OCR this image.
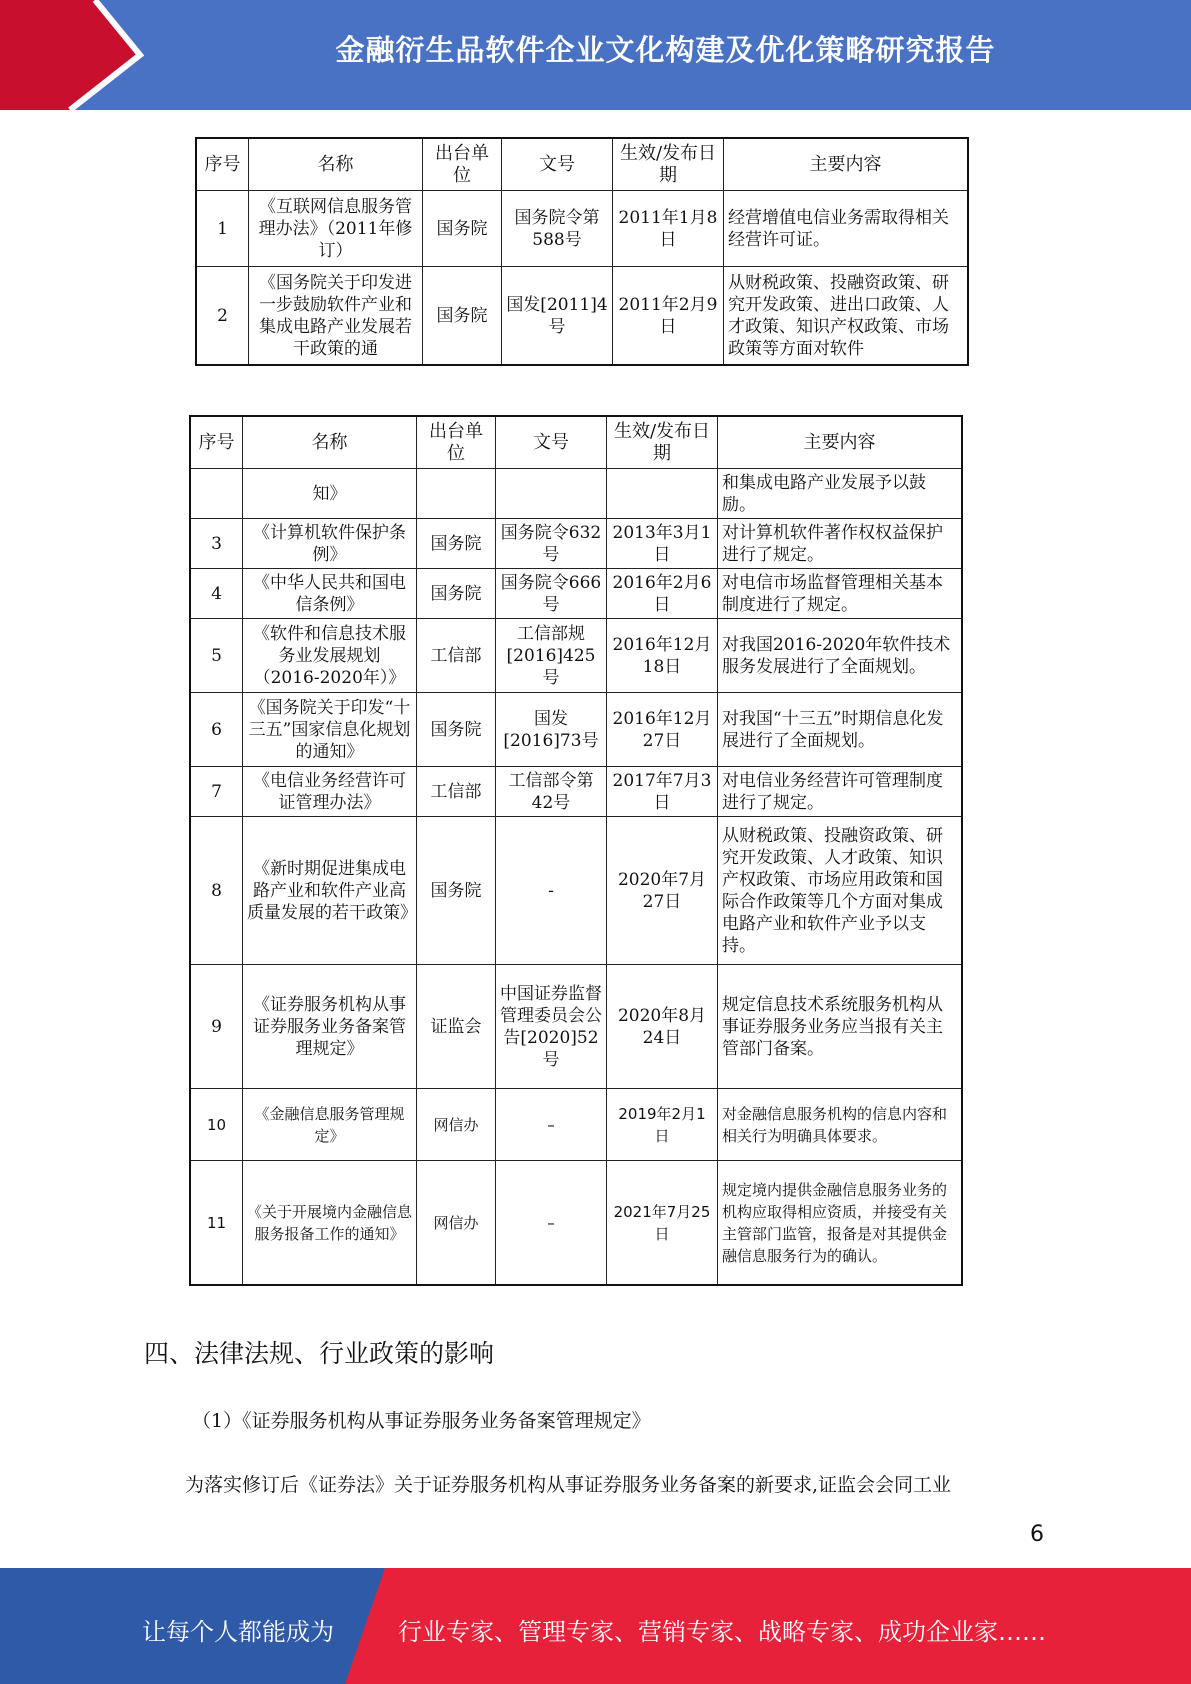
金融衍生品软件企业文化构建及优化策略研究报告
序号	名称	出台单位	文号	生效/发布日期	主要内容
1	《互联网信息服务管理办法》（2011年修订）	国务院	国务院令第588号	2011年1月8日	经营增值电信业务需取得相关经营许可证。
2	《国务院关于印发进一步鼓励软件产业和集成电路产业发展若干政策的通	国务院	国发[2011]4号	2011年2月9日	从财税政策、投融资政策、研究开发政策、进出口政策、人才政策、知识产权政策、市场政策等方面对软件
序号	名称	出台单位	文号	生效/发布日期	主要内容
	知》				和集成电路产业发展予以鼓励。
3	《计算机软件保护条例》	国务院	国务院令632号	2013年3月1日	对计算机软件著作权权益保护进行了规定。
4	《中华人民共和国电信条例》	国务院	国务院令666号	2016年2月6日	对电信市场监督管理相关基本制度进行了规定。
5	《软件和信息技术服务业发展规划（2016-2020年）》	工信部	工信部规[2016]425号	2016年12月18日	对我国2016-2020年软件技术服务发展进行了全面规划。
6	《国务院关于印发“十三五”国家信息化规划的通知》	国务院	国发[2016]73号	2016年12月27日	对我国“十三五”时期信息化发展进行了全面规划。
7	《电信业务经营许可证管理办法》	工信部	工信部令第42号	2017年7月3日	对电信业务经营许可管理制度进行了规定。
8	《新时期促进集成电路产业和软件产业高质量发展的若干政策》	国务院	-	2020年7月27日	从财税政策、投融资政策、研究开发政策、人才政策、知识产权政策、市场应用政策和国际合作政策等几个方面对集成电路产业和软件产业予以支持。
9	《证券服务机构从事证券服务业务备案管理规定》	证监会	中国证券监督管理委员会公告[2020]52号	2020年8月24日	规定信息技术系统服务机构从事证券服务业务应当报有关主管部门备案。
10	《金融信息服务管理规定》	网信办	–	2019年2月1日	对金融信息服务机构的信息内容和相关行为明确具体要求。
11	《关于开展境内金融信息服务报备工作的通知》	网信办	–	2021年7月25日	规定境内提供金融信息服务业务的机构应取得相应资质，并接受有关主管部门监管，报备是对其提供金融信息服务行为的确认。
四、法律法规、行业政策的影响
（1）《证券服务机构从事证券服务业务备案管理规定》
为落实修订后《证券法》关于证券服务机构从事证券服务业务备案的新要求,证监会会同工业
6
让每个人都能成为	行业专家、管理专家、营销专家、战略专家、成功企业家……
